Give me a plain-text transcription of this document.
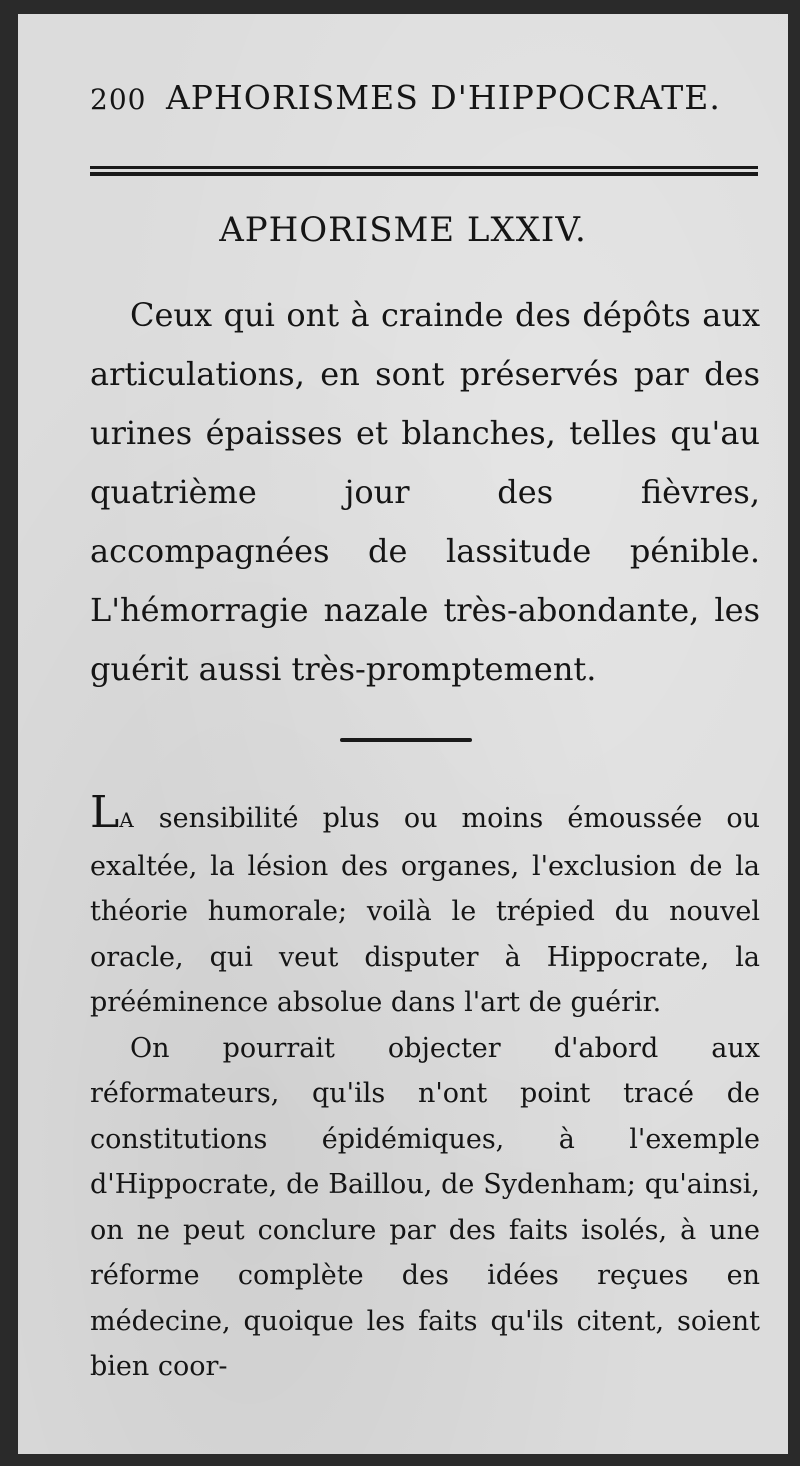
200 APHORISMES D'HIPPOCRATE.
APHORISME LXXIV.
Ceux qui ont à crainde des dépôts aux articulations, en sont préservés par des urines épaisses et blanches, telles qu'au quatrième jour des fièvres, accompagnées de lassitude pénible. L'hémorragie nazale très-abondante, les guérit aussi très-promptement.

LA sensibilité plus ou moins émoussée ou exaltée, la lésion des organes, l'exclusion de la théorie humorale; voilà le trépied du nouvel oracle, qui veut disputer à Hippocrate, la prééminence absolue dans l'art de guérir.

On pourrait objecter d'abord aux réformateurs, qu'ils n'ont point tracé de constitutions épidémiques, à l'exemple d'Hippocrate, de Baillou, de Sydenham; qu'ainsi, on ne peut conclure par des faits isolés, à une réforme complète des idées reçues en médecine, quoique les faits qu'ils citent, soient bien coor-
